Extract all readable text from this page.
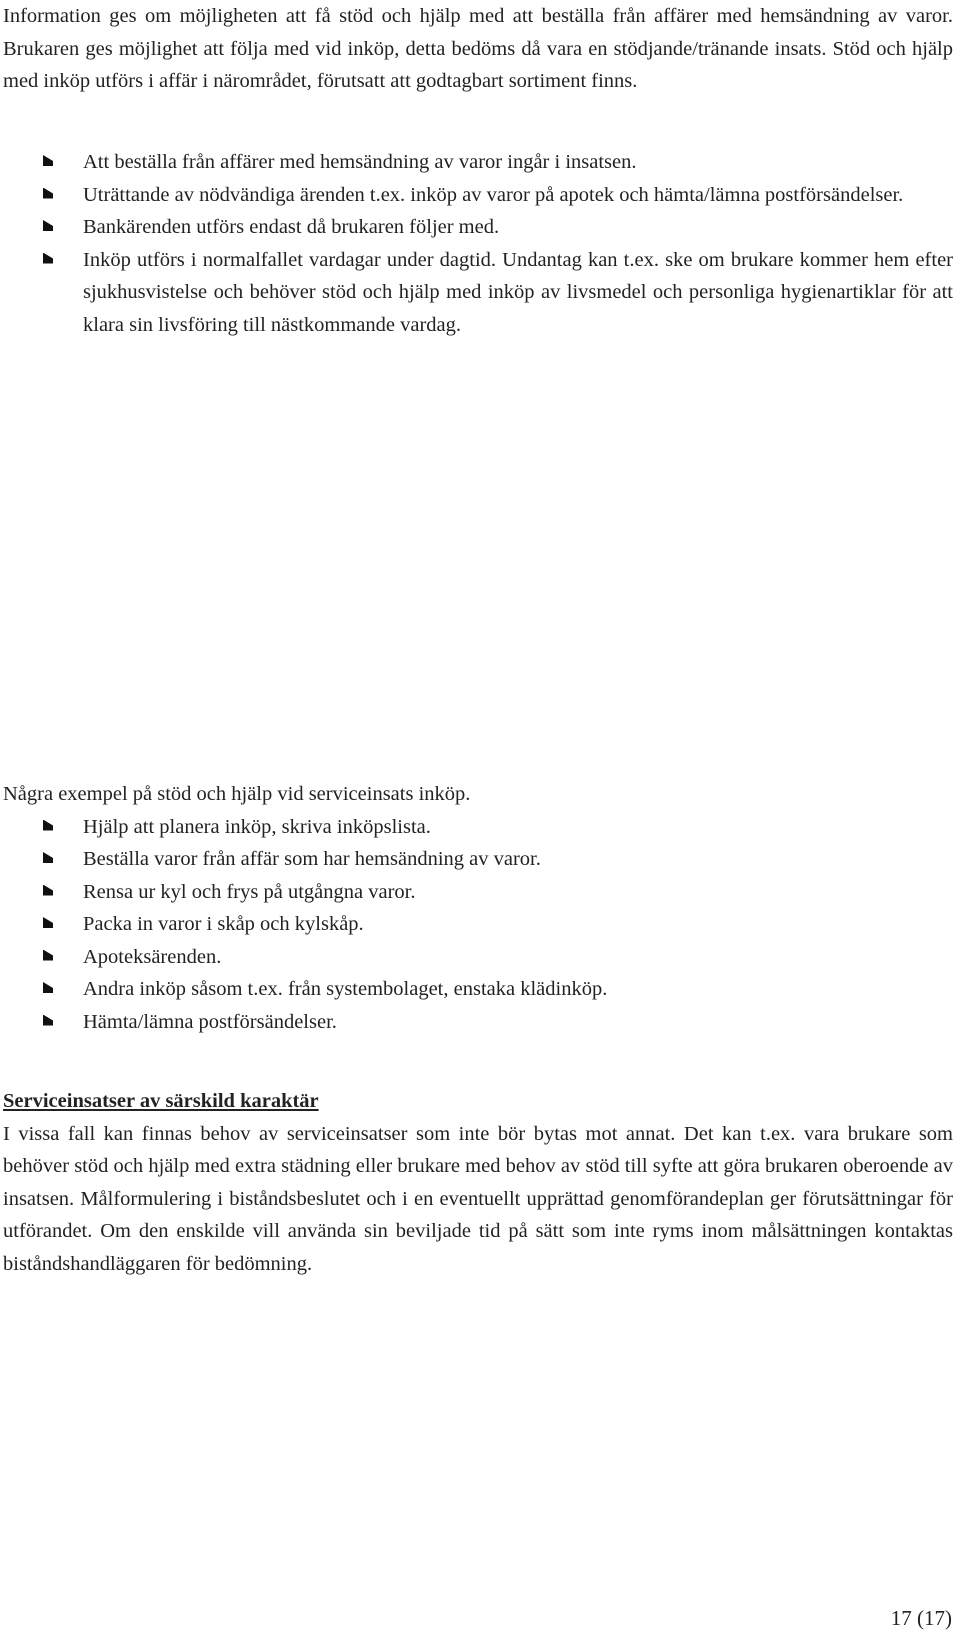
Information ges om möjligheten att få stöd och hjälp med att beställa från affärer med hemsändning av varor. Brukaren ges möjlighet att följa med vid inköp, detta bedöms då vara en stödjande/tränande insats. Stöd och hjälp med inköp utförs i affär i närområdet, förutsatt att godtagbart sortiment finns.

Att beställa från affärer med hemsändning av varor ingår i insatsen.
Uträttande av nödvändiga ärenden t.ex. inköp av varor på apotek och hämta/lämna postförsändelser.
Bankärenden utförs endast då brukaren följer med.
Inköp utförs i normalfallet vardagar under dagtid. Undantag kan t.ex. ske om brukare kommer hem efter sjukhusvistelse och behöver stöd och hjälp med inköp av livsmedel och personliga hygienartiklar för att klara sin livsföring till nästkommande vardag.

Några exempel på stöd och hjälp vid serviceinsats inköp.

Hjälp att planera inköp, skriva inköpslista.
Beställa varor från affär som har hemsändning av varor.
Rensa ur kyl och frys på utgångna varor.
Packa in varor i skåp och kylskåp.
Apoteksärenden.
Andra inköp såsom t.ex. från systembolaget, enstaka klädinköp.
Hämta/lämna postförsändelser.

Serviceinsatser av särskild karaktär

I vissa fall kan finnas behov av serviceinsatser som inte bör bytas mot annat. Det kan t.ex. vara brukare som behöver stöd och hjälp med extra städning eller brukare med behov av stöd till syfte att göra brukaren oberoende av insatsen. Målformulering i biståndsbeslutet och i en eventuellt upprättad genomförandeplan ger förutsättningar för utförandet. Om den enskilde vill använda sin beviljade tid på sätt som inte ryms inom målsättningen kontaktas biståndshandläggaren för bedömning.

17 (17)
